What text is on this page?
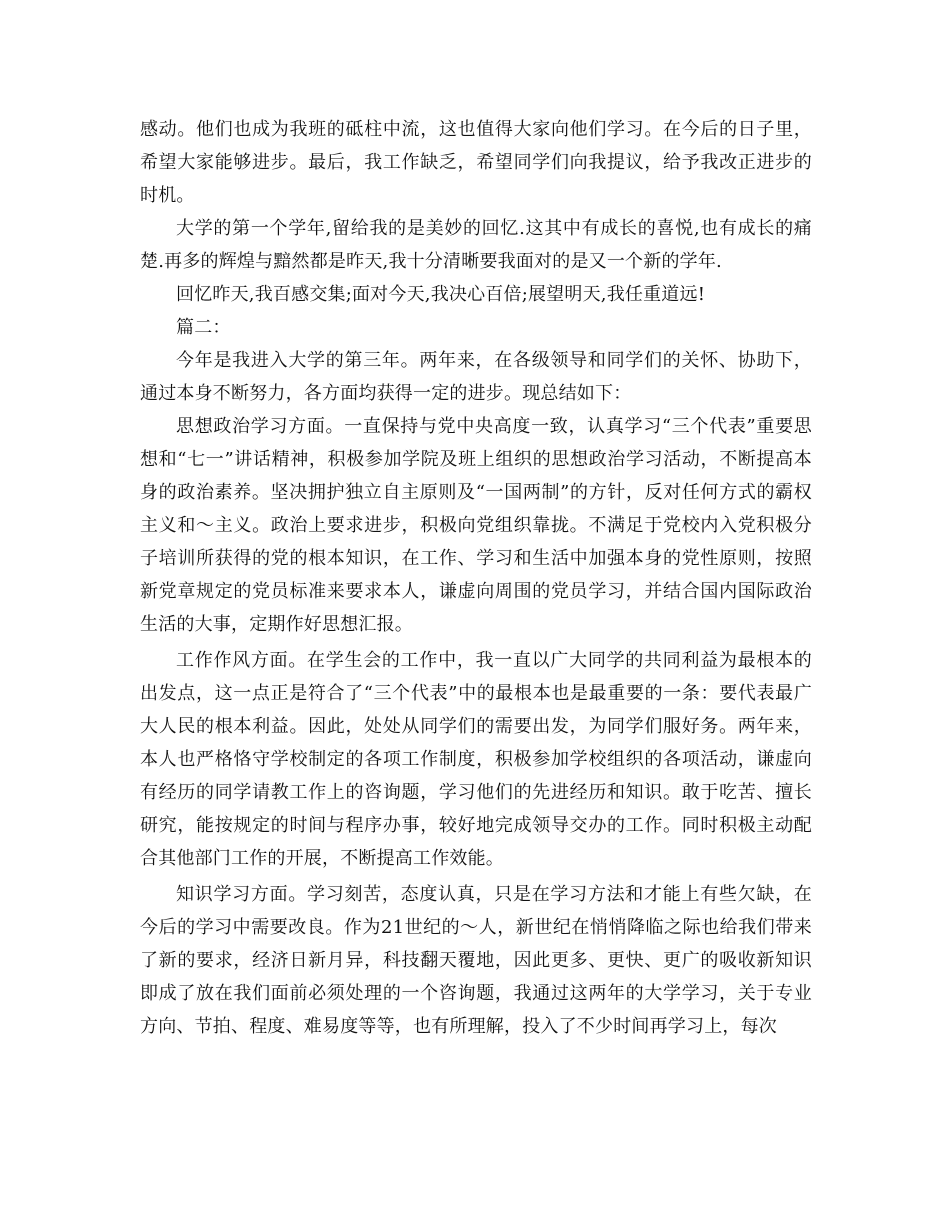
感动。他们也成为我班的砥柱中流，这也值得大家向他们学习。在今后的日子里，希望大家能够进步。最后，我工作缺乏，希望同学们向我提议，给予我改正进步的时机。

大学的第一个学年,留给我的是美妙的回忆.这其中有成长的喜悦,也有成长的痛楚.再多的辉煌与黯然都是昨天,我十分清晰要我面对的是又一个新的学年.

回忆昨天,我百感交集;面对今天,我决心百倍;展望明天,我任重道远!

篇二：

今年是我进入大学的第三年。两年来，在各级领导和同学们的关怀、协助下，通过本身不断努力，各方面均获得一定的进步。现总结如下：

思想政治学习方面。一直保持与党中央高度一致，认真学习“三个代表”重要思想和“七一”讲话精神，积极参加学院及班上组织的思想政治学习活动，不断提高本身的政治素养。坚决拥护独立自主原则及“一国两制”的方针，反对任何方式的霸权主义和～主义。政治上要求进步，积极向党组织靠拢。不满足于党校内入党积极分子培训所获得的党的根本知识，在工作、学习和生活中加强本身的党性原则，按照新党章规定的党员标准来要求本人，谦虚向周围的党员学习，并结合国内国际政治生活的大事，定期作好思想汇报。

工作作风方面。在学生会的工作中，我一直以广大同学的共同利益为最根本的出发点，这一点正是符合了“三个代表”中的最根本也是最重要的一条：要代表最广大人民的根本利益。因此，处处从同学们的需要出发，为同学们服好务。两年来，本人也严格恪守学校制定的各项工作制度，积极参加学校组织的各项活动，谦虚向有经历的同学请教工作上的咨询题，学习他们的先进经历和知识。敢于吃苦、擅长研究，能按规定的时间与程序办事，较好地完成领导交办的工作。同时积极主动配合其他部门工作的开展，不断提高工作效能。

知识学习方面。学习刻苦，态度认真，只是在学习方法和才能上有些欠缺，在今后的学习中需要改良。作为21世纪的～人，新世纪在悄悄降临之际也给我们带来了新的要求，经济日新月异，科技翻天覆地，因此更多、更快、更广的吸收新知识即成了放在我们面前必须处理的一个咨询题，我通过这两年的大学学习，关于专业方向、节拍、程度、难易度等等，也有所理解，投入了不少时间再学习上，每次
